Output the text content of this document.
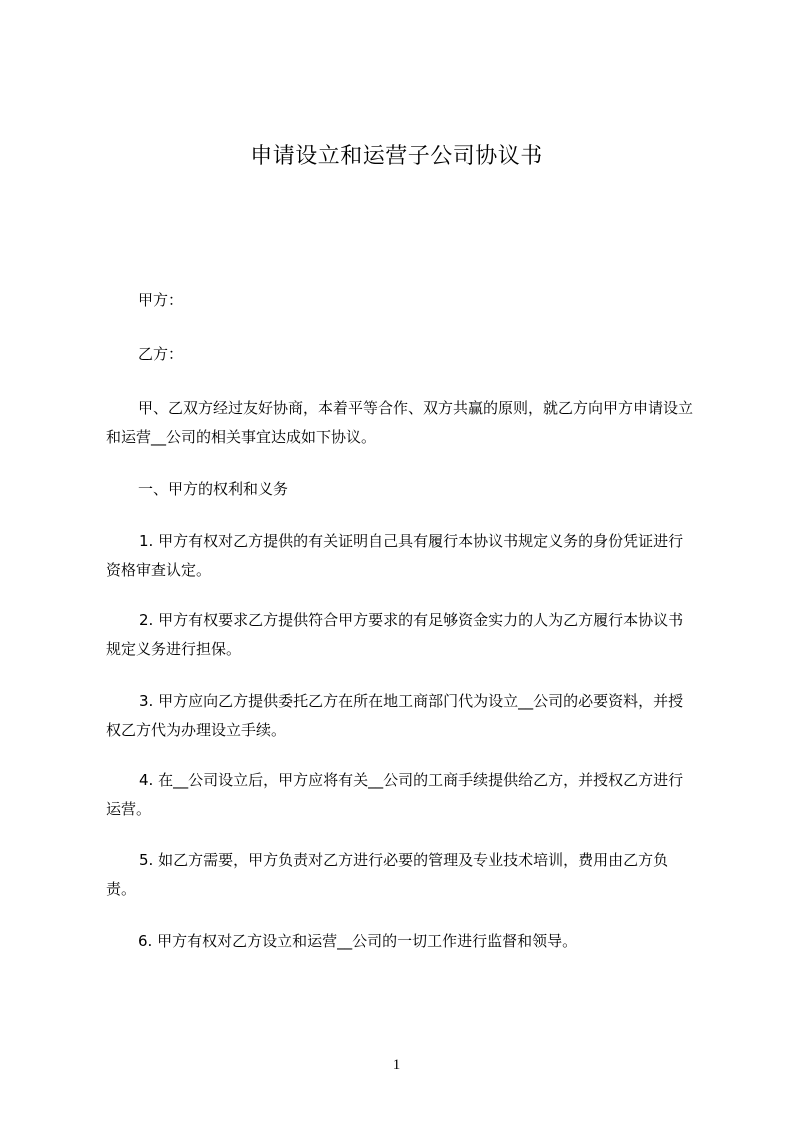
申请设立和运营子公司协议书

甲方：

乙方：

甲、乙双方经过友好协商，本着平等合作、双方共赢的原则，就乙方向甲方申请设立和运营__公司的相关事宜达成如下协议。

一、甲方的权利和义务

1. 甲方有权对乙方提供的有关证明自己具有履行本协议书规定义务的身份凭证进行资格审查认定。

2. 甲方有权要求乙方提供符合甲方要求的有足够资金实力的人为乙方履行本协议书规定义务进行担保。

3. 甲方应向乙方提供委托乙方在所在地工商部门代为设立__公司的必要资料，并授权乙方代为办理设立手续。

4. 在__公司设立后，甲方应将有关__公司的工商手续提供给乙方，并授权乙方进行运营。

5. 如乙方需要，甲方负责对乙方进行必要的管理及专业技术培训，费用由乙方负责。

6. 甲方有权对乙方设立和运营__公司的一切工作进行监督和领导。

1
